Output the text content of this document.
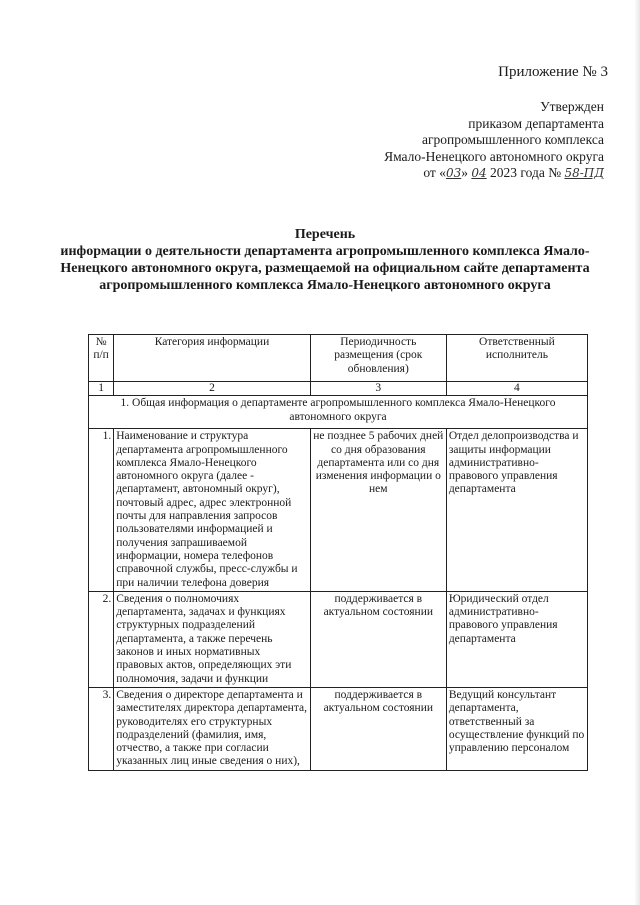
Приложение № 3
Утвержден
приказом департамента
агропромышленного комплекса
Ямало-Ненецкого автономного округа
от «03» 04 2023 года № 58-ПД
Перечень
информации о деятельности департамента агропромышленного комплекса Ямало-Ненецкого автономного округа, размещаемой на официальном сайте департамента агропромышленного комплекса Ямало-Ненецкого автономного округа
№ п/п	Категория информации	Периодичность размещения (срок обновления)	Ответственный исполнитель
1	2	3	4
1. Общая информация о департаменте агропромышленного комплекса Ямало-Ненецкого автономного округа			
1.	Наименование и структура департамента агропромышленного комплекса Ямало-Ненецкого автономного округа (далее - департамент, автономный округ), почтовый адрес, адрес электронной почты для направления запросов пользователями информацией и получения запрашиваемой информации, номера телефонов справочной службы, пресс-службы и при наличии телефона доверия	не позднее 5 рабочих дней со дня образования департамента или со дня изменения информации о нем	Отдел делопроизводства и защиты информации административно-правового управления департамента
2.	Сведения о полномочиях департамента, задачах и функциях структурных подразделений департамента, а также перечень законов и иных нормативных правовых актов, определяющих эти полномочия, задачи и функции	поддерживается в актуальном состоянии	Юридический отдел административно-правового управления департамента
3.	Сведения о директоре департамента и заместителях директора департамента, руководителях его структурных подразделений (фамилия, имя, отчество, а также при согласии указанных лиц иные сведения о них),	поддерживается в актуальном состоянии	Ведущий консультант департамента, ответственный за осуществление функций по управлению персоналом
